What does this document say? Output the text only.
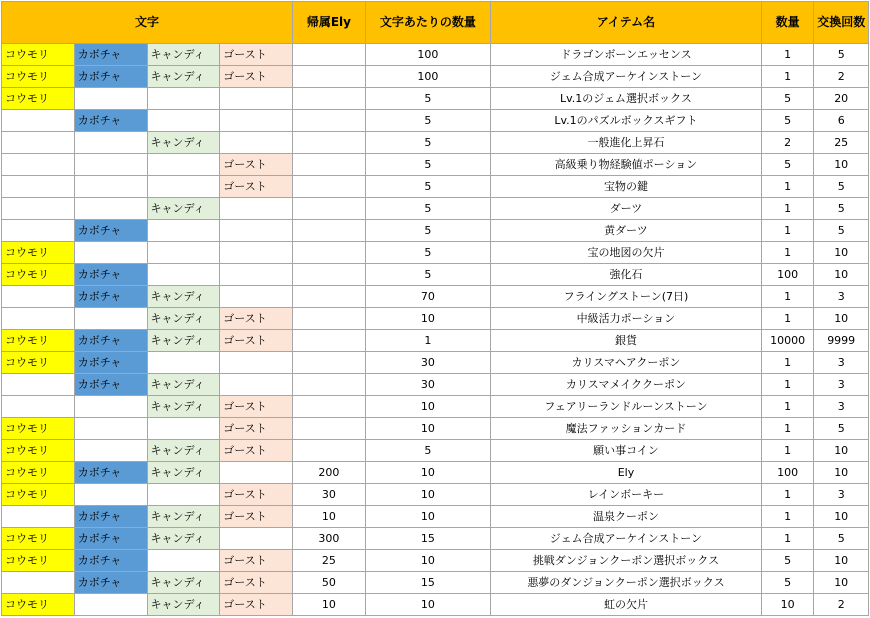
文字				帰属Ely	文字あたりの数量	アイテム名	数量	交換回数
コウモリ	カボチャ	キャンディ	ゴースト		100	ドラゴンボーンエッセンス	1	5
コウモリ	カボチャ	キャンディ	ゴースト		100	ジェム合成アーケインストーン	1	2
コウモリ					5	Lv.1のジェム選択ボックス	5	20
	カボチャ				5	Lv.1のパズルボックスギフト	5	6
		キャンディ			5	一般進化上昇石	2	25
			ゴースト		5	高級乗り物経験値ポーション	5	10
			ゴースト		5	宝物の鍵	1	5
		キャンディ			5	ダーツ	1	5
	カボチャ				5	黄ダーツ	1	5
コウモリ					5	宝の地図の欠片	1	10
コウモリ	カボチャ				5	強化石	100	10
	カボチャ	キャンディ			70	フライングストーン(7日)	1	3
		キャンディ	ゴースト		10	中級活力ポーション	1	10
コウモリ	カボチャ	キャンディ	ゴースト		1	銀貨	10000	9999
コウモリ	カボチャ				30	カリスマヘアクーポン	1	3
	カボチャ	キャンディ			30	カリスマメイククーポン	1	3
		キャンディ	ゴースト		10	フェアリーランドルーンストーン	1	3
コウモリ			ゴースト		10	魔法ファッションカード	1	5
コウモリ		キャンディ	ゴースト		5	願い事コイン	1	10
コウモリ	カボチャ	キャンディ		200	10	Ely	100	10
コウモリ			ゴースト	30	10	レインボーキー	1	3
	カボチャ	キャンディ	ゴースト	10	10	温泉クーポン	1	10
コウモリ	カボチャ	キャンディ		300	15	ジェム合成アーケインストーン	1	5
コウモリ	カボチャ		ゴースト	25	10	挑戦ダンジョンクーポン選択ボックス	5	10
	カボチャ	キャンディ	ゴースト	50	15	悪夢のダンジョンクーポン選択ボックス	5	10
コウモリ		キャンディ	ゴースト	10	10	虹の欠片	10	2
